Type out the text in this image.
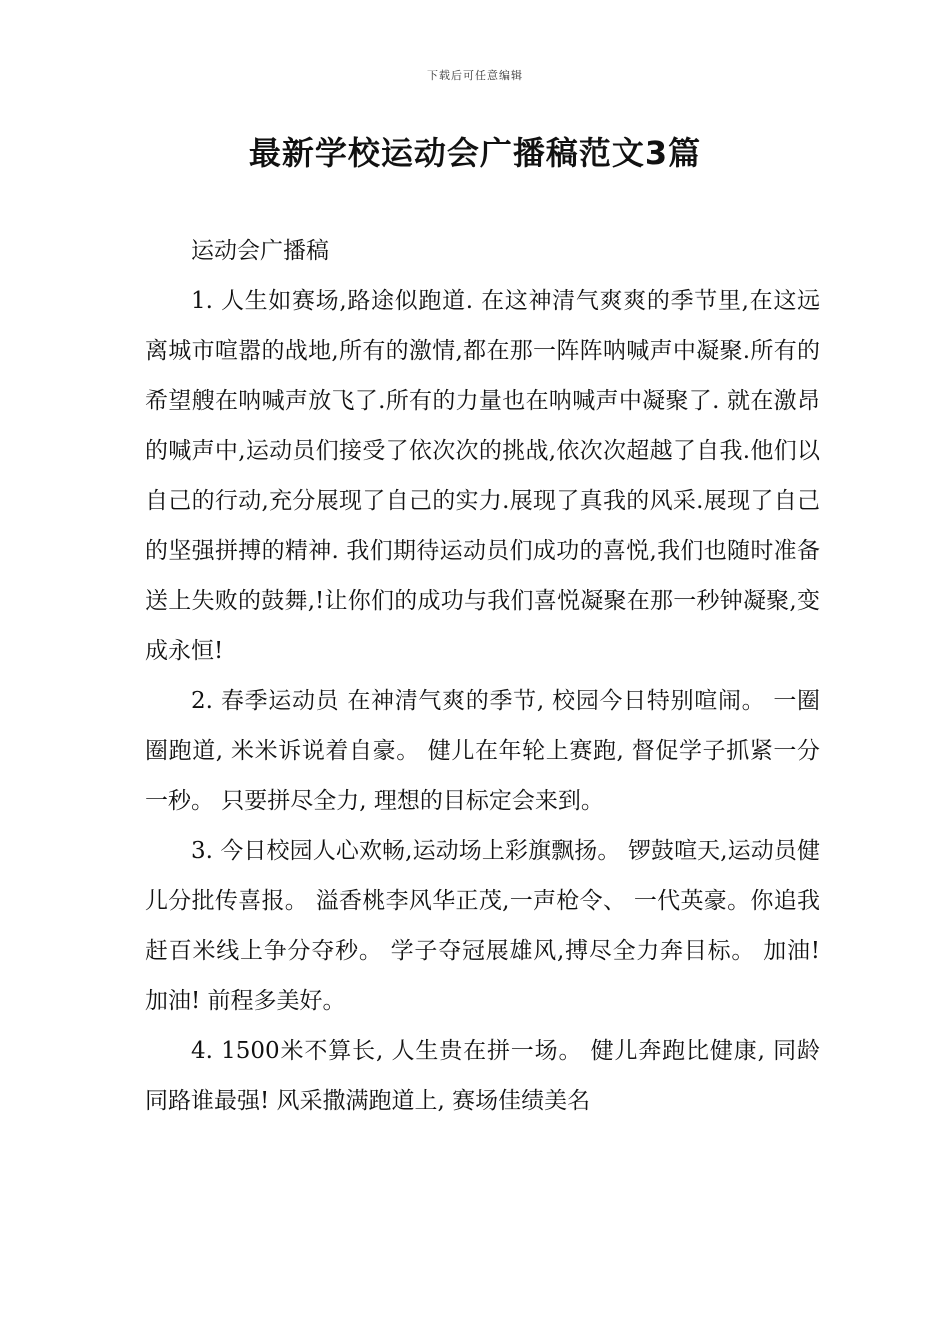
下载后可任意编辑
最新学校运动会广播稿范文3篇

运动会广播稿

1. 人生如赛场,路途似跑道. 在这神清气爽爽的季节里,在这远离城市喧嚣的战地,所有的激情,都在那一阵阵呐喊声中凝聚.所有的希望艘在呐喊声放飞了.所有的力量也在呐喊声中凝聚了. 就在激昂的喊声中,运动员们接受了依次次的挑战,依次次超越了自我.他们以自己的行动,充分展现了自己的实力.展现了真我的风采.展现了自己的坚强拼搏的精神. 我们期待运动员们成功的喜悦,我们也随时准备送上失败的鼓舞,!让你们的成功与我们喜悦凝聚在那一秒钟凝聚,变成永恒!

2. 春季运动员 在神清气爽的季节, 校园今日特别喧闹。 一圈圈跑道, 米米诉说着自豪。 健儿在年轮上赛跑, 督促学子抓紧一分一秒。 只要拼尽全力, 理想的目标定会来到。

3. 今日校园人心欢畅,运动场上彩旗飘扬。 锣鼓喧天,运动员健儿分批传喜报。 溢香桃李风华正茂,一声枪令、 一代英豪。你追我赶百米线上争分夺秒。 学子夺冠展雄风,搏尽全力奔目标。 加油!加油! 前程多美好。

4. 1500米不算长, 人生贵在拼一场。 健儿奔跑比健康, 同龄同路谁最强! 风采撒满跑道上, 赛场佳绩美名
